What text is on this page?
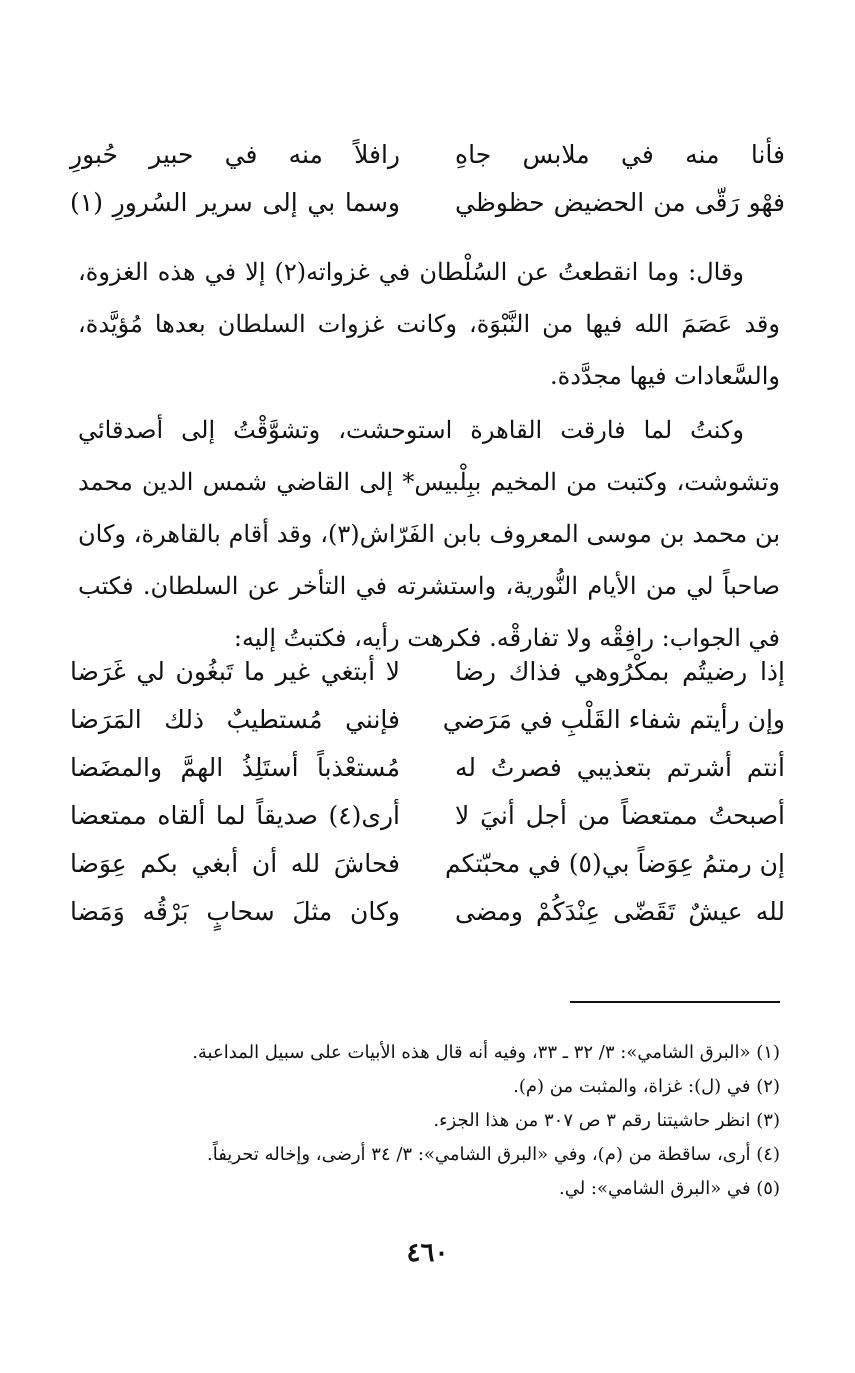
فأنا منه في ملابس جاهِ
رافلاً منه في حبير حُبورِ
فهْو رَقّى من الحضيض حظوظي
وسما بي إلى سرير السُرورِ (١)

وقال: وما انقطعتُ عن السُلْطان في غزواته(٢) إلا في هذه الغزوة، وقد عَصَمَ الله فيها من النَّبْوَة، وكانت غزوات السلطان بعدها مُؤيَّدة، والسَّعادات فيها مجدَّدة.

وكنتُ لما فارقت القاهرة استوحشت، وتشوَّقْتُ إلى أصدقائي وتشوشت، وكتبت من المخيم ببِلْبيس* إلى القاضي شمس الدين محمد بن محمد بن موسى المعروف بابن الفَرّاش(٣)، وقد أقام بالقاهرة، وكان صاحباً لي من الأيام النُّورية، واستشرته في التأخر عن السلطان. فكتب في الجواب: رافِقْه ولا تفارقْه. فكرهت رأيه، فكتبتُ إليه:

إذا رضيتُم بمكْرُوهي فذاك رضا
لا أبتغي غير ما تَبغُون لي غَرَضا
وإن رأيتم شفاء القَلْبِ في مَرَضي
فإنني مُستطيبٌ ذلك المَرَضا
أنتم أشرتم بتعذيبي فصرتُ له
مُستعْذباً أستَلِذُ الهمَّ والمضَضا
أصبحتُ ممتعضاً من أجل أنيَ لا
أرى(٤) صديقاً لما ألقاه ممتعضا
إن رمتمُ عِوَضاً بي(٥) في محبّتكم
فحاشَ لله أن أبغي بكم عِوَضا
لله عيشٌ تَقَضّى عِنْدَكُمْ ومضى
وكان مثلَ سحابٍ بَرْقُه وَمَضا
(١) «البرق الشامي»: ٣/ ٣٢ ـ ٣٣، وفيه أنه قال هذه الأبيات على سبيل المداعبة.
(٢) في (ل): غزاة، والمثبت من (م).
(٣) انظر حاشيتنا رقم ٣ ص ٣٠٧ من هذا الجزء.
(٤) أرى، ساقطة من (م)، وفي «البرق الشامي»: ٣/ ٣٤ أرضى، وإخاله تحريفاً.
(٥) في «البرق الشامي»: لي.
٤٦٠
